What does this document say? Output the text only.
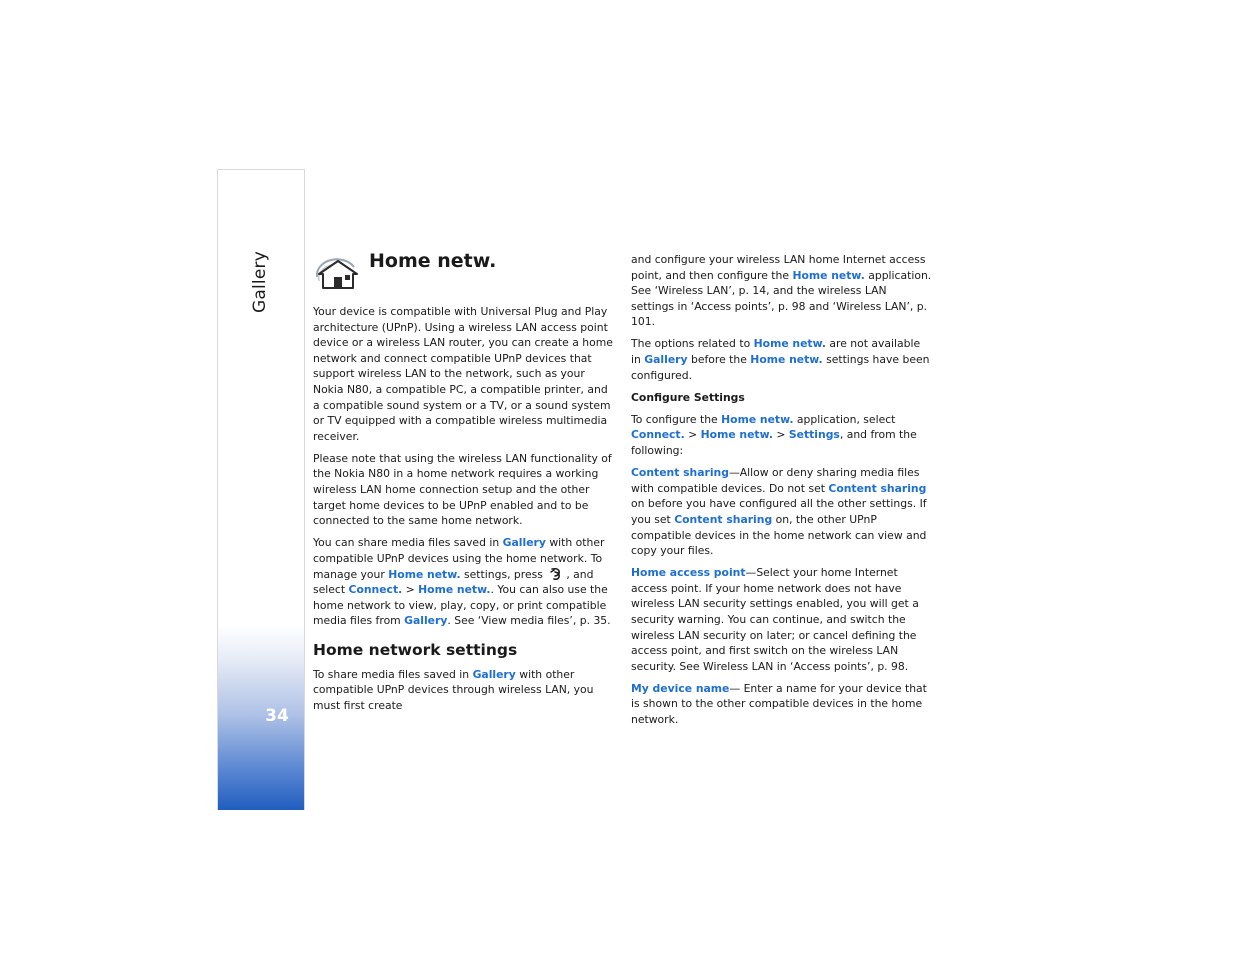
Gallery
34
Home netw.

Your device is compatible with Universal Plug and Play architecture (UPnP). Using a wireless LAN access point device or a wireless LAN router, you can create a home network and connect compatible UPnP devices that support wireless LAN to the network, such as your Nokia N80, a compatible PC, a compatible printer, and a compatible sound system or a TV, or a sound system or TV equipped with a compatible wireless multimedia receiver.

Please note that using the wireless LAN functionality of the Nokia N80 in a home network requires a working wireless LAN home connection setup and the other target home devices to be UPnP enabled and to be connected to the same home network.

You can share media files saved in Gallery with other compatible UPnP devices using the home network. To manage your Home netw. settings, press , and select Connect. > Home netw.. You can also use the home network to view, play, copy, or print compatible media files from Gallery. See ‘View media files’, p. 35.

Home network settings

To share media files saved in Gallery with other compatible UPnP devices through wireless LAN, you must first create

and configure your wireless LAN home Internet access point, and then configure the Home netw. application. See ‘Wireless LAN’, p. 14, and the wireless LAN settings in ‘Access points’, p. 98 and ‘Wireless LAN’, p. 101.

The options related to Home netw. are not available in Gallery before the Home netw. settings have been configured.

Configure Settings

To configure the Home netw. application, select Connect. > Home netw. > Settings, and from the following:

Content sharing—Allow or deny sharing media files with compatible devices. Do not set Content sharing on before you have configured all the other settings. If you set Content sharing on, the other UPnP compatible devices in the home network can view and copy your files.

Home access point—Select your home Internet access point. If your home network does not have wireless LAN security settings enabled, you will get a security warning. You can continue, and switch the wireless LAN security on later; or cancel defining the access point, and first switch on the wireless LAN security. See Wireless LAN in ‘Access points’, p. 98.

My device name— Enter a name for your device that is shown to the other compatible devices in the home network.
